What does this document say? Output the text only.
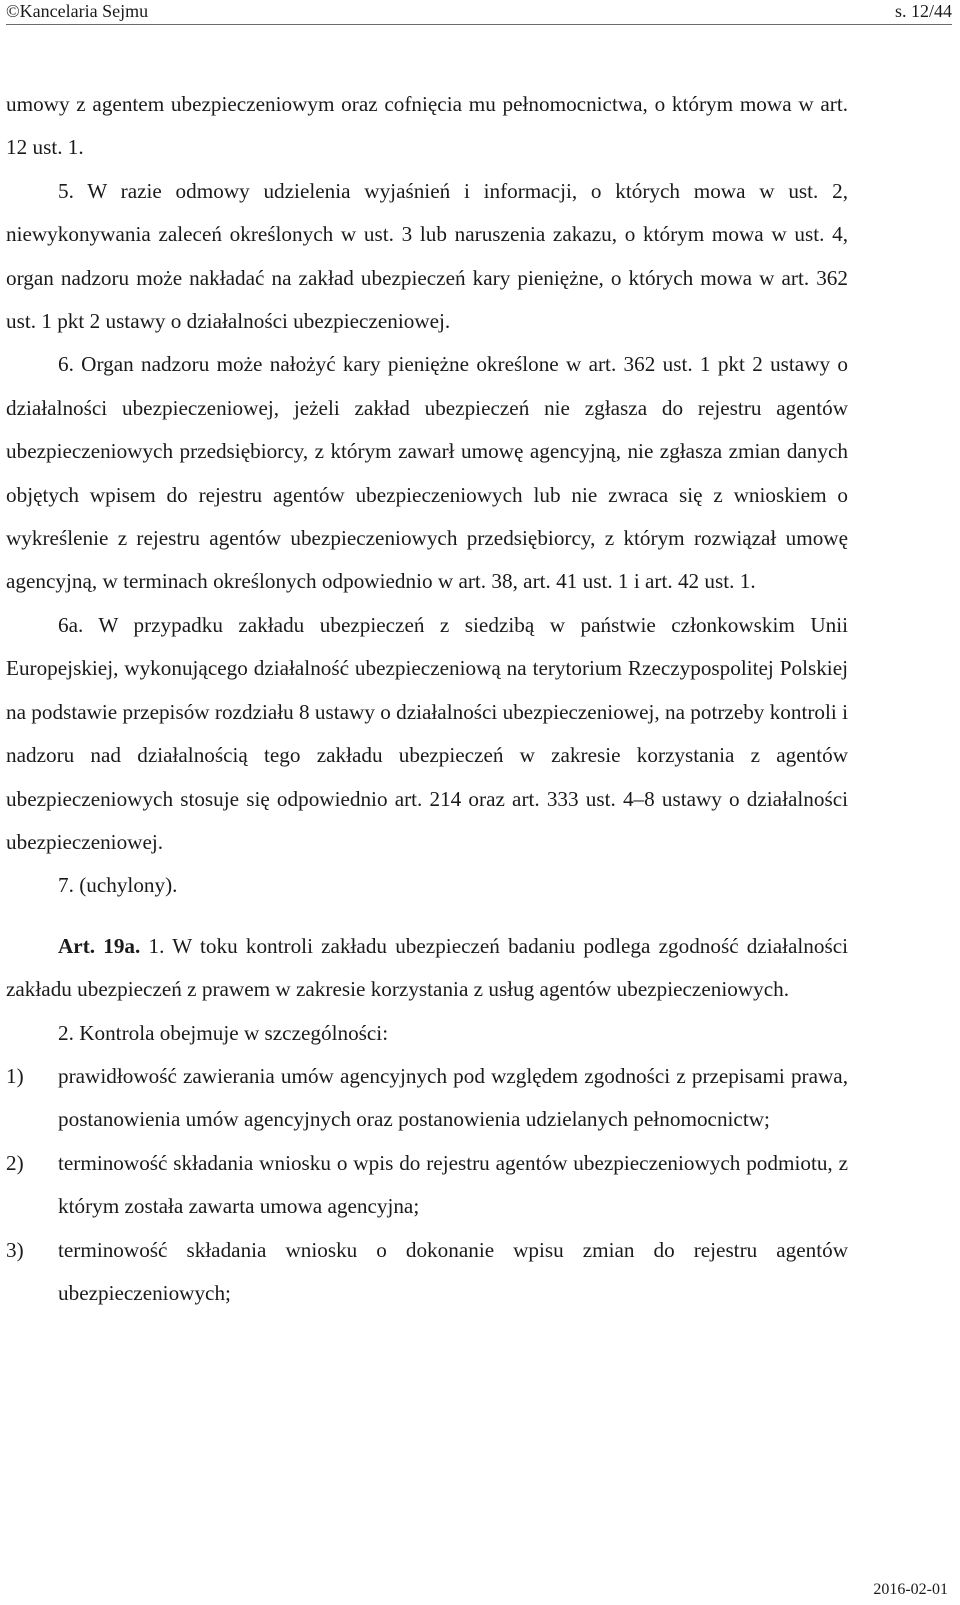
©Kancelaria Sejmu	s. 12/44

umowy z agentem ubezpieczeniowym oraz cofnięcia mu pełnomocnictwa, o którym mowa w art. 12 ust. 1.

5. W razie odmowy udzielenia wyjaśnień i informacji, o których mowa w ust. 2, niewykonywania zaleceń określonych w ust. 3 lub naruszenia zakazu, o którym mowa w ust. 4, organ nadzoru może nakładać na zakład ubezpieczeń kary pieniężne, o których mowa w art. 362 ust. 1 pkt 2 ustawy o działalności ubezpieczeniowej.

6. Organ nadzoru może nałożyć kary pieniężne określone w art. 362 ust. 1 pkt 2 ustawy o działalności ubezpieczeniowej, jeżeli zakład ubezpieczeń nie zgłasza do rejestru agentów ubezpieczeniowych przedsiębiorcy, z którym zawarł umowę agencyjną, nie zgłasza zmian danych objętych wpisem do rejestru agentów ubezpieczeniowych lub nie zwraca się z wnioskiem o wykreślenie z rejestru agentów ubezpieczeniowych przedsiębiorcy, z którym rozwiązał umowę agencyjną, w terminach określonych odpowiednio w art. 38, art. 41 ust. 1 i art. 42 ust. 1.

6a. W przypadku zakładu ubezpieczeń z siedzibą w państwie członkowskim Unii Europejskiej, wykonującego działalność ubezpieczeniową na terytorium Rzeczypospolitej Polskiej na podstawie przepisów rozdziału 8 ustawy o działalności ubezpieczeniowej, na potrzeby kontroli i nadzoru nad działalnością tego zakładu ubezpieczeń w zakresie korzystania z agentów ubezpieczeniowych stosuje się odpowiednio art. 214 oraz art. 333 ust. 4–8 ustawy o działalności ubezpieczeniowej.

7. (uchylony).

Art. 19a. 1. W toku kontroli zakładu ubezpieczeń badaniu podlega zgodność działalności zakładu ubezpieczeń z prawem w zakresie korzystania z usług agentów ubezpieczeniowych.

2. Kontrola obejmuje w szczególności:

1) prawidłowość zawierania umów agencyjnych pod względem zgodności z przepisami prawa, postanowienia umów agencyjnych oraz postanowienia udzielanych pełnomocnictw;
2) terminowość składania wniosku o wpis do rejestru agentów ubezpieczeniowych podmiotu, z którym została zawarta umowa agencyjna;
3) terminowość składania wniosku o dokonanie wpisu zmian do rejestru agentów ubezpieczeniowych;
2016-02-01
